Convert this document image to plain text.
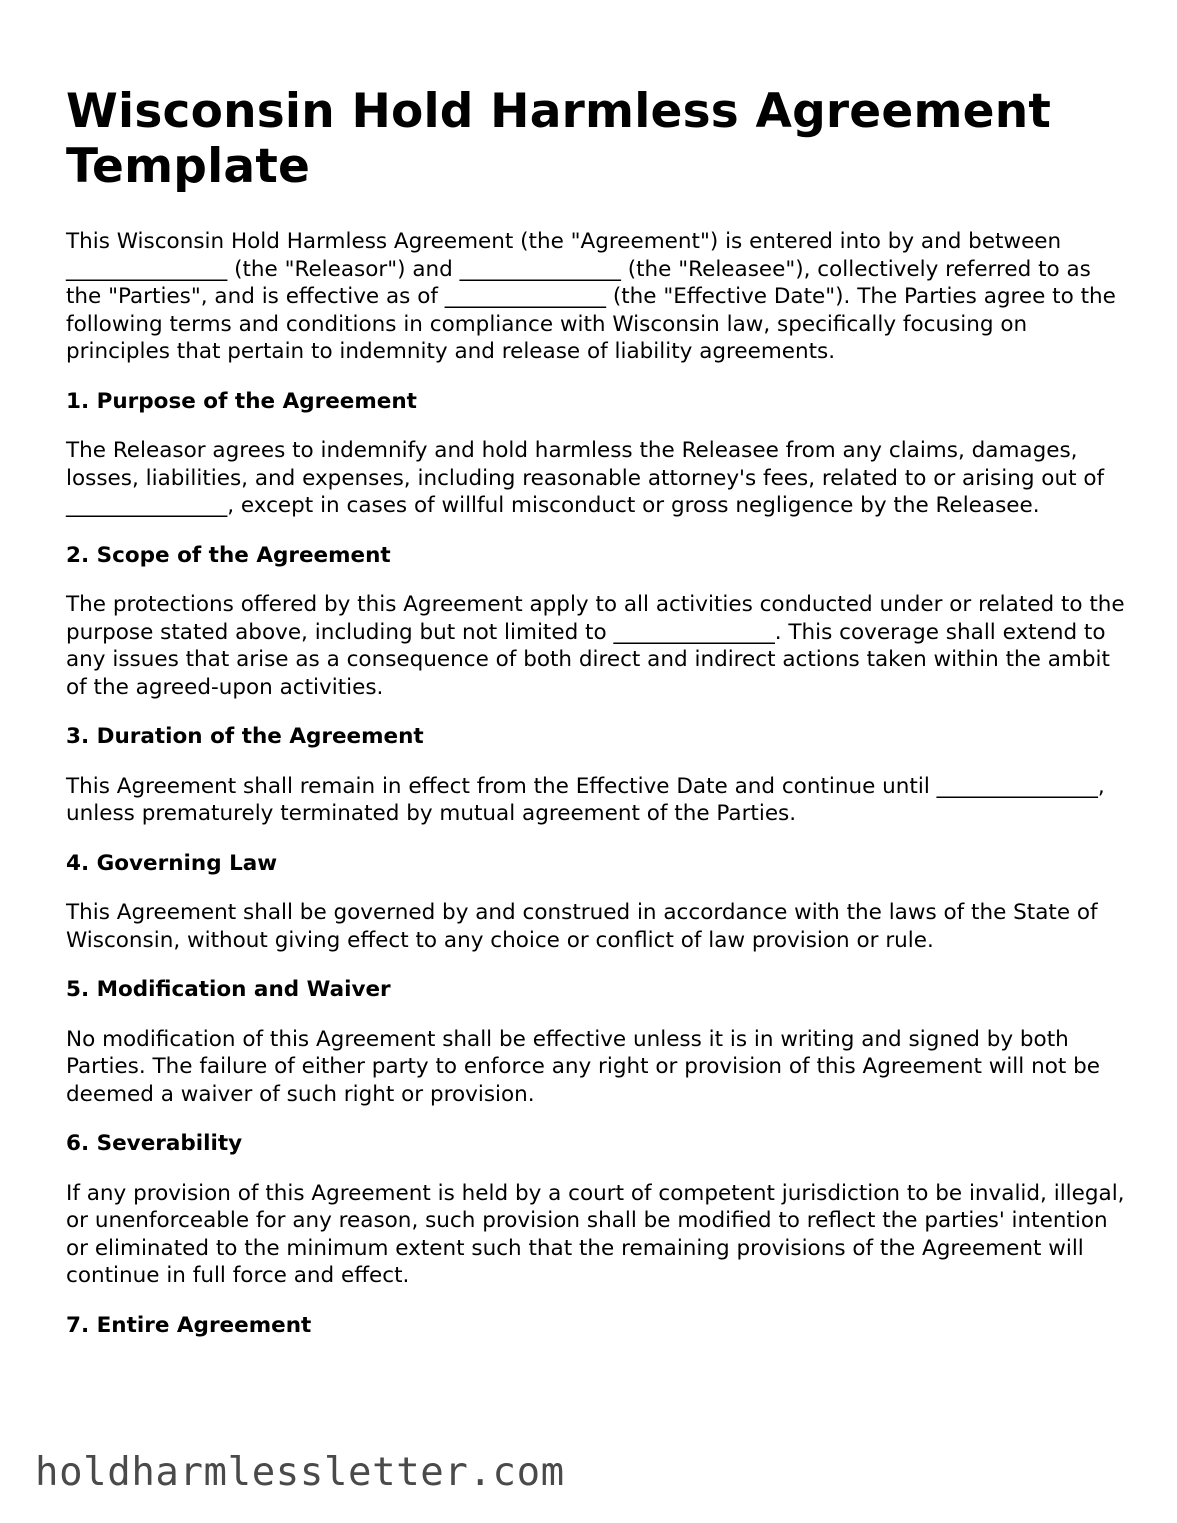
Wisconsin Hold Harmless Agreement Template

This Wisconsin Hold Harmless Agreement (the "Agreement") is entered into by and between _______________ (the "Releasor") and _______________ (the "Releasee"), collectively referred to as the "Parties", and is effective as of _______________ (the "Effective Date"). The Parties agree to the following terms and conditions in compliance with Wisconsin law, specifically focusing on principles that pertain to indemnity and release of liability agreements.

1. Purpose of the Agreement

The Releasor agrees to indemnify and hold harmless the Releasee from any claims, damages, losses, liabilities, and expenses, including reasonable attorney's fees, related to or arising out of _______________, except in cases of willful misconduct or gross negligence by the Releasee.

2. Scope of the Agreement

The protections offered by this Agreement apply to all activities conducted under or related to the purpose stated above, including but not limited to _______________. This coverage shall extend to any issues that arise as a consequence of both direct and indirect actions taken within the ambit of the agreed-upon activities.

3. Duration of the Agreement

This Agreement shall remain in effect from the Effective Date and continue until _______________, unless prematurely terminated by mutual agreement of the Parties.

4. Governing Law

This Agreement shall be governed by and construed in accordance with the laws of the State of Wisconsin, without giving effect to any choice or conflict of law provision or rule.

5. Modification and Waiver

No modification of this Agreement shall be effective unless it is in writing and signed by both Parties. The failure of either party to enforce any right or provision of this Agreement will not be deemed a waiver of such right or provision.

6. Severability

If any provision of this Agreement is held by a court of competent jurisdiction to be invalid, illegal, or unenforceable for any reason, such provision shall be modified to reflect the parties' intention or eliminated to the minimum extent such that the remaining provisions of the Agreement will continue in full force and effect.

7. Entire Agreement
holdharmlessletter.com
